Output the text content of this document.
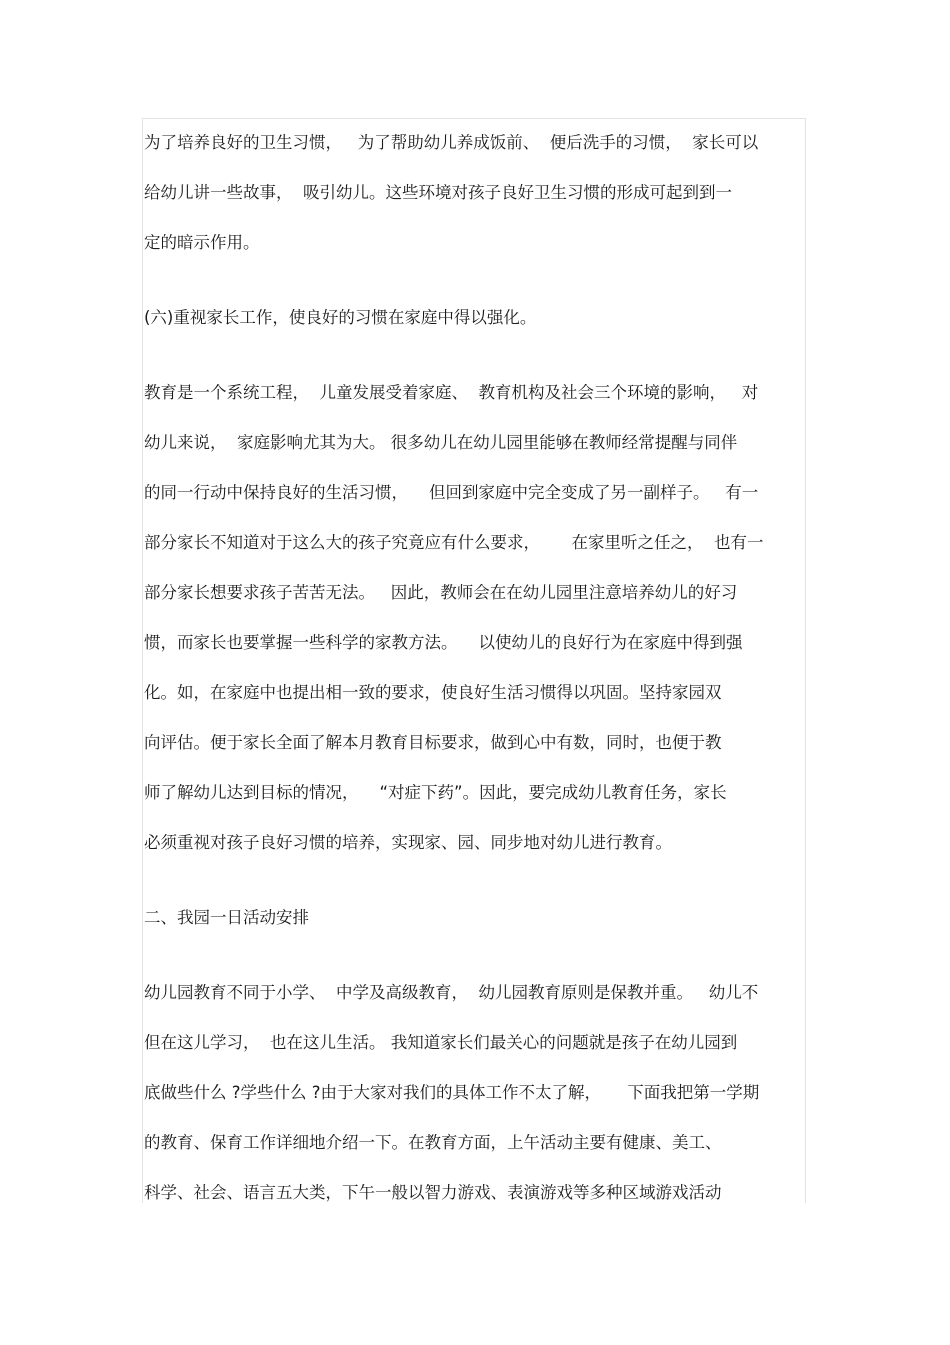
为了培养良好的卫生习惯，   为了帮助幼儿养成饭前、  便后洗手的习惯，  家长可以
给幼儿讲一些故事，  吸引幼儿。这些环境对孩子良好卫生习惯的形成可起到到一
定的暗示作用。
(六)重视家长工作，使良好的习惯在家庭中得以强化。
教育是一个系统工程，  儿童发展受着家庭、  教育机构及社会三个环境的影响，   对
幼儿来说，  家庭影响尤其为大。 很多幼儿在幼儿园里能够在教师经常提醒与同伴
的同一行动中保持良好的生活习惯，    但回到家庭中完全变成了另一副样子。   有一
部分家长不知道对于这么大的孩子究竟应有什么要求，      在家里听之任之，  也有一
部分家长想要求孩子苦苦无法。   因此，教师会在在幼儿园里注意培养幼儿的好习
惯，而家长也要掌握一些科学的家教方法。    以使幼儿的良好行为在家庭中得到强
化。如，在家庭中也提出相一致的要求，使良好生活习惯得以巩固。坚持家园双
向评估。便于家长全面了解本月教育目标要求，做到心中有数，同时，也便于教
师了解幼儿达到目标的情况，    “对症下药”。因此，要完成幼儿教育任务，家长
必须重视对孩子良好习惯的培养，实现家、园、同步地对幼儿进行教育。
二、我园一日活动安排
幼儿园教育不同于小学、  中学及高级教育，  幼儿园教育原则是保教并重。   幼儿不
但在这儿学习，  也在这儿生活。 我知道家长们最关心的问题就是孩子在幼儿园到
底做些什么 ?学些什么 ?由于大家对我们的具体工作不太了解，     下面我把第一学期
的教育、保育工作详细地介绍一下。在教育方面，上午活动主要有健康、美工、
科学、社会、语言五大类，下午一般以智力游戏、表演游戏等多种区域游戏活动
